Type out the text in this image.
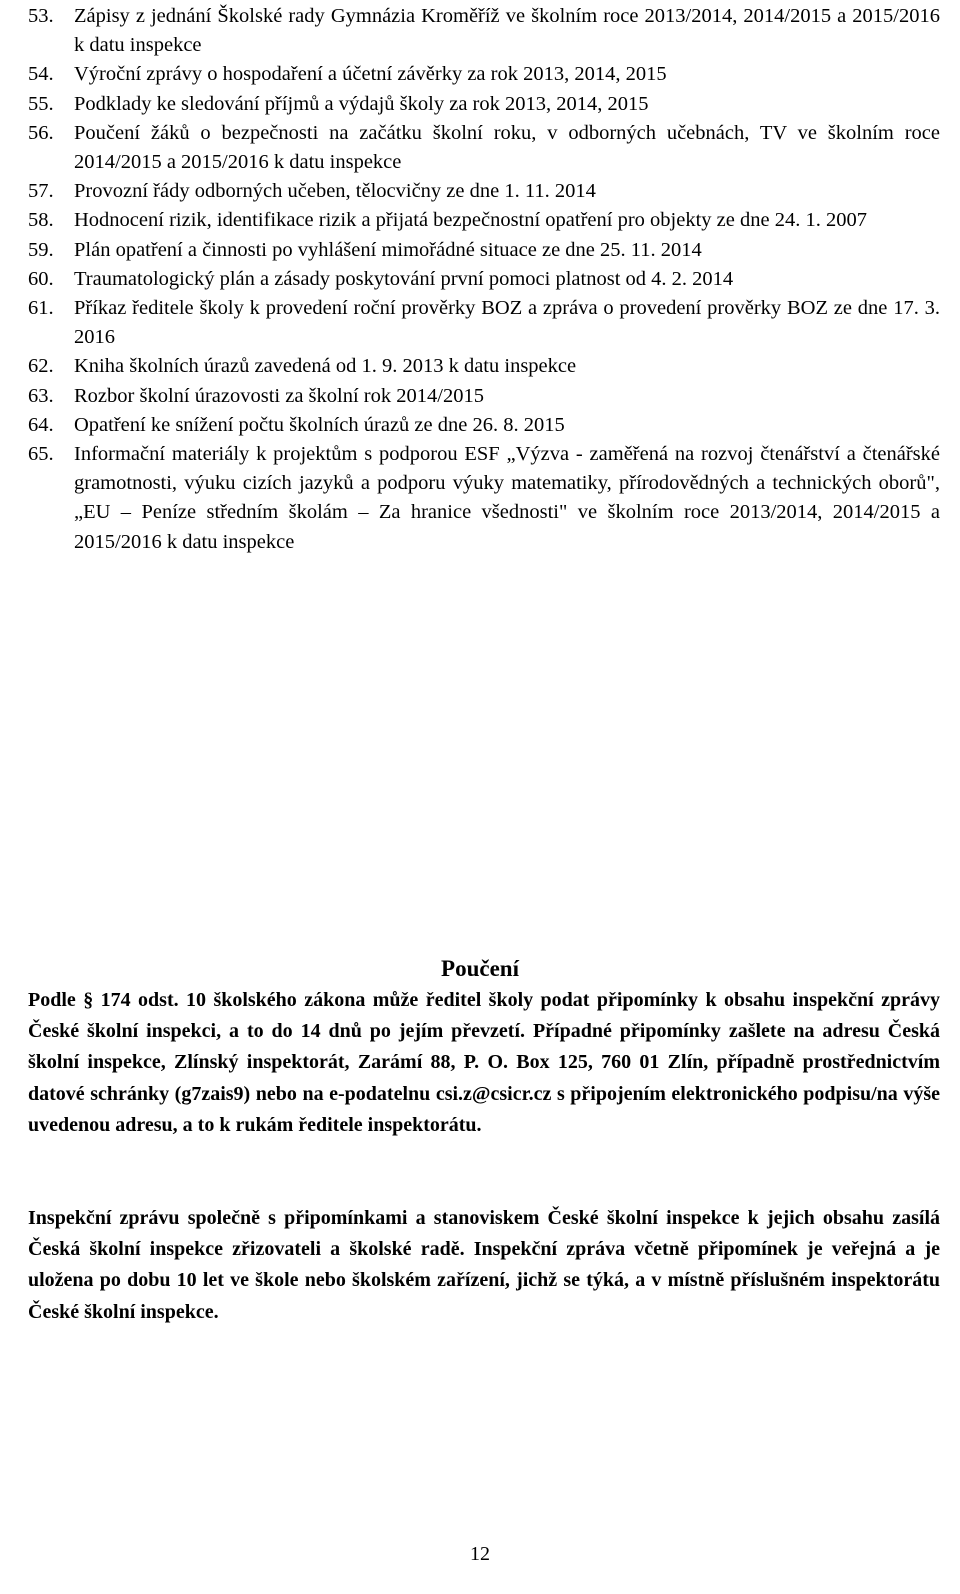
53. Zápisy z jednání Školské rady Gymnázia Kroměříž ve školním roce 2013/2014, 2014/2015 a 2015/2016 k datu inspekce
54. Výroční zprávy o hospodaření a účetní závěrky za rok 2013, 2014, 2015
55. Podklady ke sledování příjmů a výdajů školy za rok 2013, 2014, 2015
56. Poučení žáků o bezpečnosti na začátku školní roku, v odborných učebnách, TV ve školním roce 2014/2015 a 2015/2016 k datu inspekce
57. Provozní řády odborných učeben, tělocvičny ze dne 1. 11. 2014
58. Hodnocení rizik, identifikace rizik a přijatá bezpečnostní opatření pro objekty ze dne 24. 1. 2007
59. Plán opatření a činnosti po vyhlášení mimořádné situace ze dne 25. 11. 2014
60. Traumatologický plán a zásady poskytování první pomoci platnost od 4. 2. 2014
61. Příkaz ředitele školy k provedení roční prověrky BOZ a zpráva o provedení prověrky BOZ ze dne 17. 3. 2016
62. Kniha školních úrazů zavedená od 1. 9. 2013 k datu inspekce
63. Rozbor školní úrazovosti za školní rok 2014/2015
64. Opatření ke snížení počtu školních úrazů ze dne 26. 8. 2015
65. Informační materiály k projektům s podporou ESF „Výzva - zaměřená na rozvoj čtenářství a čtenářské gramotnosti, výuku cizích jazyků a podporu výuky matematiky, přírodovědných a technických oborů", „EU – Peníze středním školám – Za hranice všednosti" ve školním roce 2013/2014, 2014/2015 a 2015/2016 k datu inspekce
Poučení

Podle § 174 odst. 10 školského zákona může ředitel školy podat připomínky k obsahu inspekční zprávy České školní inspekci, a to do 14 dnů po jejím převzetí. Případné připomínky zašlete na adresu Česká školní inspekce, Zlínský inspektorát, Zarámí 88, P. O. Box 125, 760 01 Zlín, případně prostřednictvím datové schránky (g7zais9) nebo na e-podatelnu csi.z@csicr.cz s připojením elektronického podpisu/na výše uvedenou adresu, a to k rukám ředitele inspektorátu.

Inspekční zprávu společně s připomínkami a stanoviskem České školní inspekce k jejich obsahu zasílá Česká školní inspekce zřizovateli a školské radě. Inspekční zpráva včetně připomínek je veřejná a je uložena po dobu 10 let ve škole nebo školském zařízení, jichž se týká, a v místně příslušném inspektorátu České školní inspekce.

12
